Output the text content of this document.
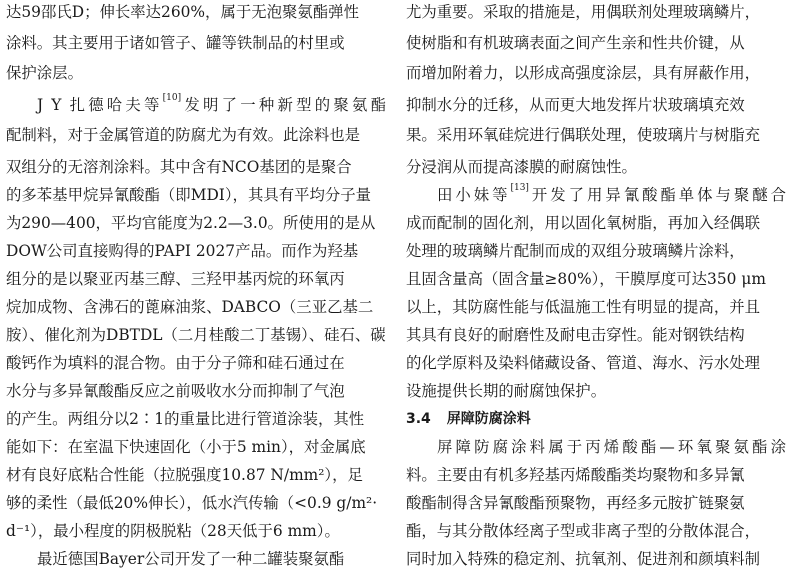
达59邵氏D；伸长率达260%，属于无泡聚氨酯弹性
涂料。其主要用于诸如管子、罐等铁制品的村里或
保护涂层。
J Y 扎德哈夫等[10]发明了一种新型的聚氨酯
配制料，对于金属管道的防腐尤为有效。此涂料也是
双组分的无溶剂涂料。其中含有NCO基团的是聚合
的多苯基甲烷异氰酸酯（即MDI），其具有平均分子量
为290—400，平均官能度为2.2—3.0。所使用的是从
DOW公司直接购得的PAPI 2027产品。而作为羟基
组分的是以聚亚丙基三醇、三羟甲基丙烷的环氧丙
烷加成物、含沸石的蓖麻油浆、DABCO（三亚乙基二
胺）、催化剂为DBTDL（二月桂酸二丁基锡）、硅石、碳
酸钙作为填料的混合物。由于分子筛和硅石通过在
水分与多异氰酸酯反应之前吸收水分而抑制了气泡
的产生。两组分以2∶1的重量比进行管道涂装，其性
能如下：在室温下快速固化（小于5 min），对金属底
材有良好底粘合性能（拉脱强度10.87 N/mm²），足
够的柔性（最低20%伸长），低水汽传输（<0.9 g/m²·
d⁻¹），最小程度的阴极脱粘（28天低于6 mm）。
最近德国Bayer公司开发了一种二罐装聚氨酯
尤为重要。采取的措施是，用偶联剂处理玻璃鳞片，
使树脂和有机玻璃表面之间产生亲和性共价键，从
而增加附着力，以形成高强度涂层，具有屏蔽作用，
抑制水分的迁移，从而更大地发挥片状玻璃填充效
果。采用环氧硅烷进行偶联处理，使玻璃片与树脂充
分浸润从而提高漆膜的耐腐蚀性。
田小妹等[13]开发了用异氰酸酯单体与聚醚合
成而配制的固化剂，用以固化氧树脂，再加入经偶联
处理的玻璃鳞片配制而成的双组分玻璃鳞片涂料，
且固含量高（固含量≥80%），干膜厚度可达350 μm
以上，其防腐性能与低温施工性有明显的提高，并且
其具有良好的耐磨性及耐电击穿性。能对钢铁结构
的化学原料及染料储藏设备、管道、海水、污水处理
设施提供长期的耐腐蚀保护。
3.4 屏障防腐涂料
屏障防腐涂料属于丙烯酸酯—环氧聚氨酯涂
料。主要由有机多羟基丙烯酸酯类均聚物和多异氰
酸酯制得含异氰酸酯预聚物，再经多元胺扩链聚氨
酯，与其分散体经离子型或非离子型的分散体混合，
同时加入特殊的稳定剂、抗氧剂、促进剂和颜填料制
